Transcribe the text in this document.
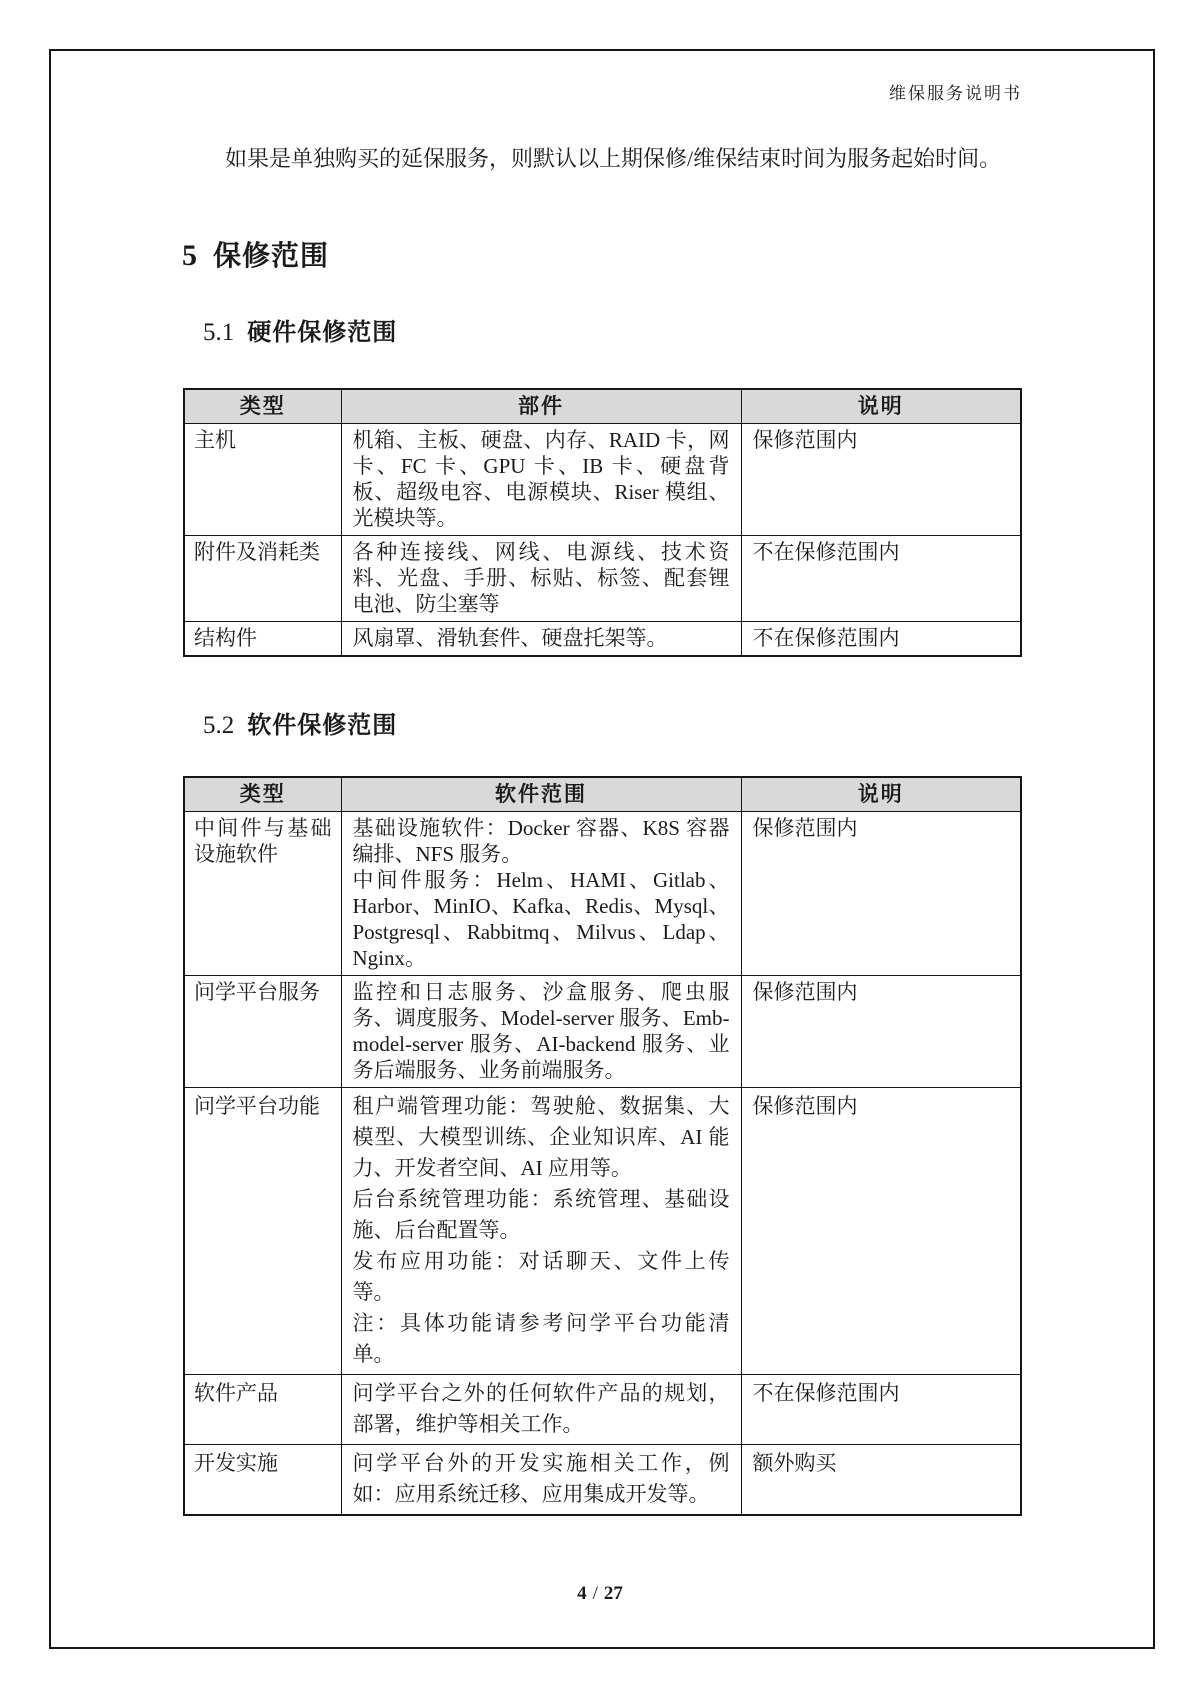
维保服务说明书
如果是单独购买的延保服务，则默认以上期保修/维保结束时间为服务起始时间。
5 保修范围
5.1 硬件保修范围
类型	部件	说明
主机	机箱、主板、硬盘、内存、RAID 卡，网卡、FC 卡、GPU 卡、IB 卡、硬盘背板、超级电容、电源模块、Riser 模组、光模块等。	保修范围内
附件及消耗类	各种连接线、网线、电源线、技术资料、光盘、手册、标贴、标签、配套锂电池、防尘塞等	不在保修范围内
结构件	风扇罩、滑轨套件、硬盘托架等。	不在保修范围内
5.2 软件保修范围
类型	软件范围	说明
中间件与基础设施软件	基础设施软件：Docker 容器、K8S 容器编排、NFS 服务。

中间件服务：Helm、HAMI、Gitlab、Harbor、MinIO、Kafka、Redis、Mysql、Postgresql、Rabbitmq、Milvus、Ldap、Nginx。	保修范围内
问学平台服务	监控和日志服务、沙盒服务、爬虫服务、调度服务、Model-server 服务、Emb-model-server 服务、AI-backend 服务、业务后端服务、业务前端服务。	保修范围内
问学平台功能	租户端管理功能：驾驶舱、数据集、大模型、大模型训练、企业知识库、AI 能力、开发者空间、AI 应用等。

后台系统管理功能：系统管理、基础设施、后台配置等。

发布应用功能：对话聊天、文件上传等。

注：具体功能请参考问学平台功能清单。	保修范围内
软件产品	问学平台之外的任何软件产品的规划，部署，维护等相关工作。	不在保修范围内
开发实施	问学平台外的开发实施相关工作，例如：应用系统迁移、应用集成开发等。	额外购买
4 / 27
